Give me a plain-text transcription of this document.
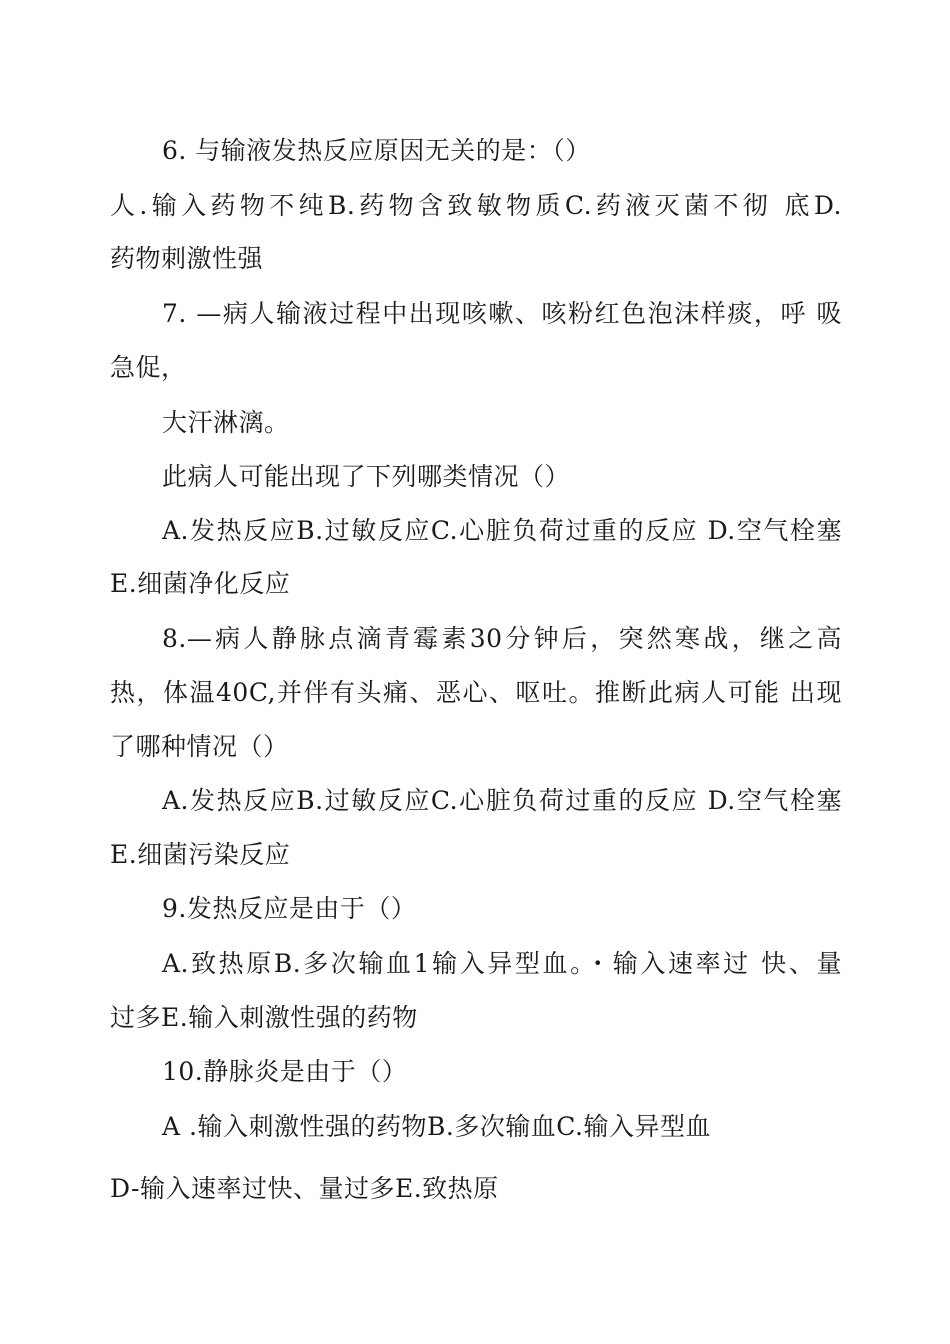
6. 与输液发热反应原因无关的是：（）
人.输入药物不纯B.药物含致敏物质C.药液灭菌不彻 底D.
药物刺激性强
7. —病人输液过程中出现咳嗽、咳粉红色泡沫样痰，呼 吸
急促，
大汗淋漓。
此病人可能出现了下列哪类情况（）
A.发热反应B.过敏反应C.心脏负荷过重的反应 D.空气栓塞
E.细菌净化反应
8.—病人静脉点滴青霉素30分钟后，突然寒战，继之高
热，体温40C,并伴有头痛、恶心、呕吐。推断此病人可能 出现
了哪种情况（）
A.发热反应B.过敏反应C.心脏负荷过重的反应 D.空气栓塞
E.细菌污染反应
9.发热反应是由于（）
A.致热原B.多次输血1输入异型血。・输入速率过 快、量
过多E.输入刺激性强的药物
10.静脉炎是由于（）
A .输入刺激性强的药物B.多次输血C.输入异型血
D-输入速率过快、量过多E.致热原
